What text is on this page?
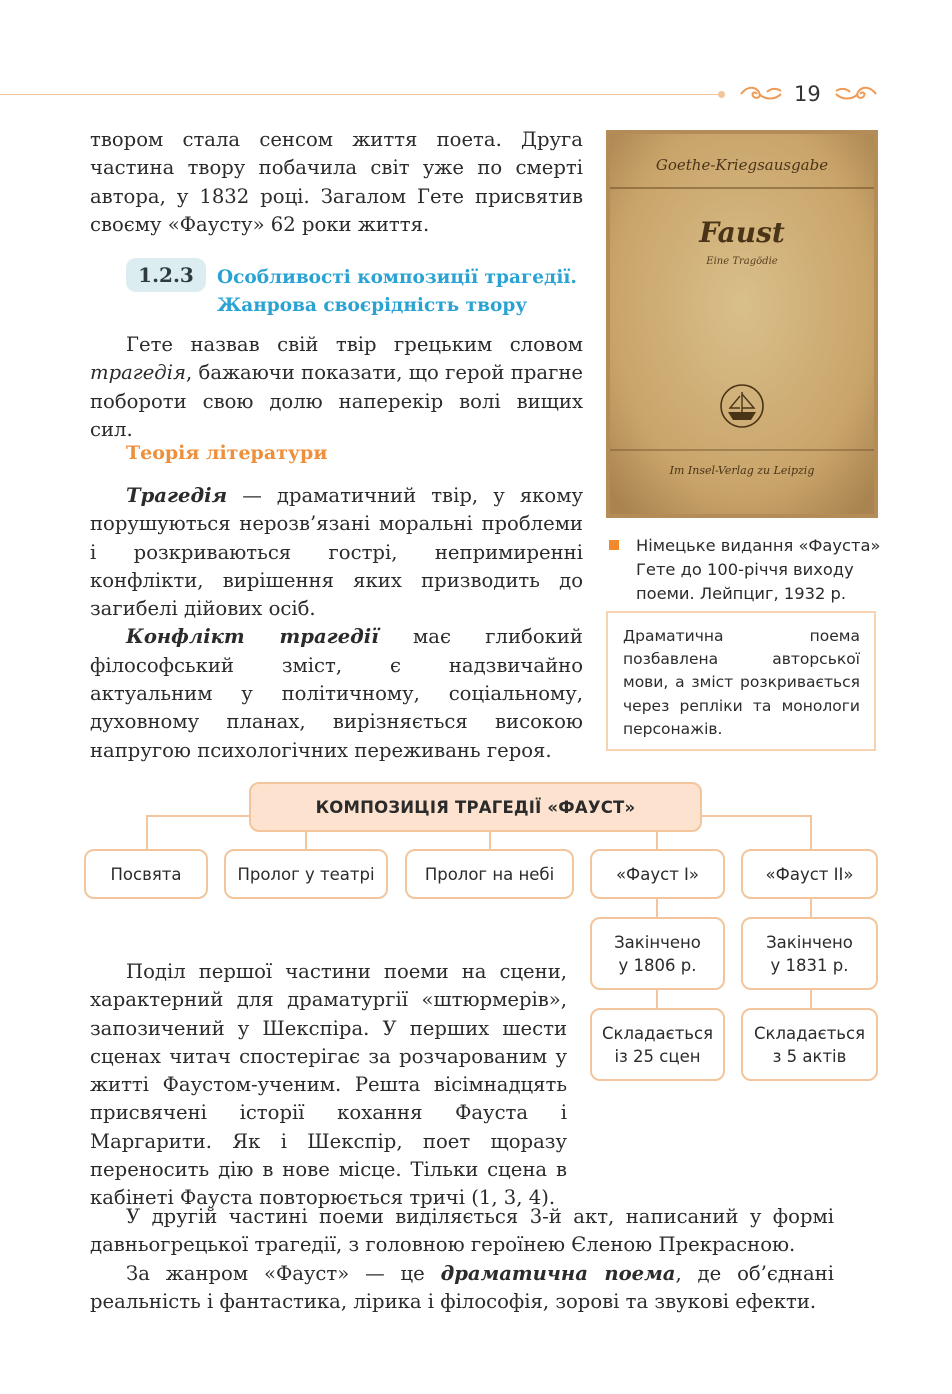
19

твором стала сенсом життя поета. Друга частина твору побачила світ уже по смерті автора, у 1832 році. Загалом Гете присвятив своєму «Фаусту» 62 роки життя.

1.2.3	Особливості композиції трагедії.
Жанрова своєрідність твору

Гете назвав свій твір грецьким словом трагедія, бажаючи показати, що герой прагне побороти свою долю наперекір волі вищих сил.

Теорія літератури

Трагедія — драматичний твір, у якому порушуються нерозв’язані моральні проблеми і розкриваються гострі, непримиренні конфлікти, вирішення яких призводить до загибелі дійових осіб.

Конфлікт трагедії має глибокий філософський зміст, є надзвичайно актуальним у політичному, соціальному, духовному планах, вирізняється високою напругою психологічних переживань героя.

Goethe-Kriegsausgabe
Faust
Eine Tragödie
Im Insel-Verlag zu Leipzig
Німецьке видання «Фауста» Гете до 100-річчя виходу поеми. Лейпциг, 1932 р.
Драматична поема позбавлена авторської мови, а зміст розкривається через репліки та монологи персонажів.
КОМПОЗИЦІЯ ТРАГЕДІЇ «ФАУСТ»
Посвята	Пролог у театрі	Пролог на небі	«Фауст І»	«Фауст ІІ»
Закінчено у 1806 р.
Закінчено у 1831 р.
Складається із 25 сцен
Складається з 5 актів

Поділ першої частини поеми на сцени, характерний для драматургії «штюрмерів», запозичений у Шекспіра. У перших шести сценах читач спостерігає за розчарованим у житті Фаустом-ученим. Решта вісімнадцять присвячені історії кохання Фауста і Маргарити. Як і Шекспір, поет щоразу переносить дію в нове місце. Тільки сцена в кабінеті Фауста повторюється тричі (1, 3, 4).

У другій частині поеми виділяється 3-й акт, написаний у формі давньогрецької трагедії, з головною героїнею Єленою Прекрасною.

За жанром «Фауст» — це драматична поема, де об’єднані реальність і фантастика, лірика і філософія, зорові та звукові ефекти.
